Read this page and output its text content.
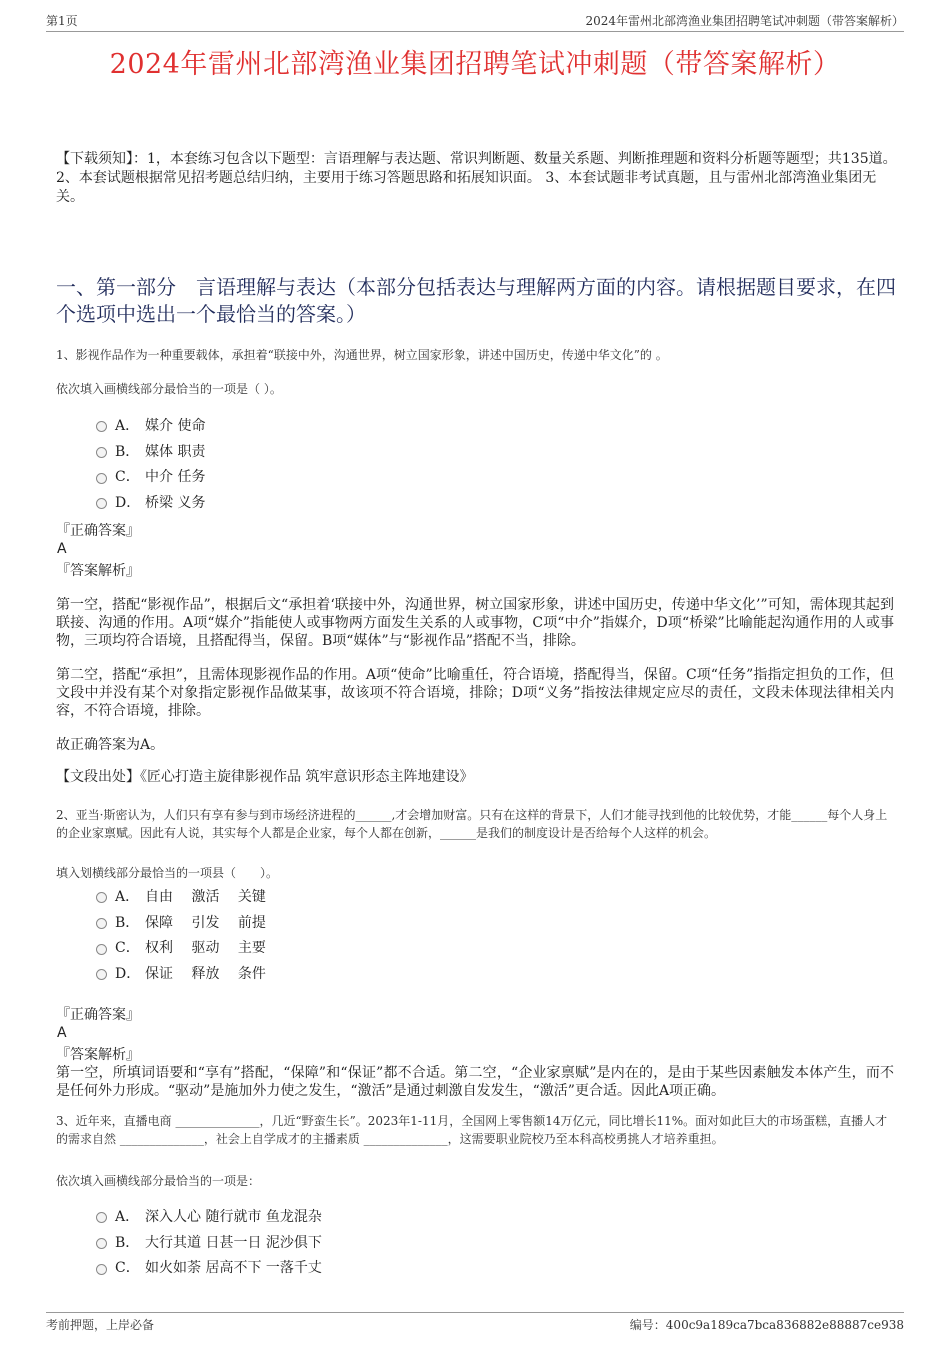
第1页	2024年雷州北部湾渔业集团招聘笔试冲刺题（带答案解析）
2024年雷州北部湾渔业集团招聘笔试冲刺题（带答案解析）
【下载须知】：1，本套练习包含以下题型：言语理解与表达题、常识判断题、数量关系题、判断推理题和资料分析题等题型；共135道。 2、本套试题根据常见招考题总结归纳，主要用于练习答题思路和拓展知识面。 3、本套试题非考试真题，且与雷州北部湾渔业集团无关。
一、第一部分　言语理解与表达（本部分包括表达与理解两方面的内容。请根据题目要求，在四个选项中选出一个最恰当的答案。）
1、影视作品作为一种重要载体，承担着“联接中外，沟通世界，树立国家形象，讲述中国历史，传递中华文化”的 。
依次填入画横线部分最恰当的一项是（ ）。
A． 媒介 使命
B． 媒体 职责
C． 中介 任务
D． 桥梁 义务
『正确答案』
A
『答案解析』
第一空，搭配“影视作品”，根据后文“承担着‘联接中外，沟通世界，树立国家形象，讲述中国历史，传递中华文化’”可知，需体现其起到联接、沟通的作用。A项“媒介”指能使人或事物两方面发生关系的人或事物，C项“中介”指媒介，D项“桥梁”比喻能起沟通作用的人或事物，三项均符合语境，且搭配得当，保留。B项“媒体”与“影视作品”搭配不当，排除。
第二空，搭配“承担”，且需体现影视作品的作用。A项“使命”比喻重任，符合语境，搭配得当，保留。C项“任务”指指定担负的工作，但文段中并没有某个对象指定影视作品做某事，故该项不符合语境，排除；D项“义务”指按法律规定应尽的责任，文段未体现法律相关内容，不符合语境，排除。
故正确答案为A。
【文段出处】《匠心打造主旋律影视作品 筑牢意识形态主阵地建设》
2、亚当·斯密认为，人们只有享有参与到市场经济进程的______,才会增加财富。只有在这样的背景下，人们才能寻找到他的比较优势，才能______每个人身上的企业家禀赋。因此有人说，其实每个人都是企业家，每个人都在创新，______是我们的制度设计是否给每个人这样的机会。
填入划横线部分最恰当的一项县（　　）。
A． 自由　 激活　 关键
B． 保障　 引发　 前提
C． 权利　 驱动　 主要
D． 保证　 释放　 条件
『正确答案』
A
『答案解析』
第一空，所填词语要和“享有”搭配，“保障”和“保证”都不合适。第二空，“企业家禀赋”是内在的，是由于某些因素触发本体产生，而不是任何外力形成。“驱动”是施加外力使之发生，“激活”是通过刺激自发发生，“激活”更合适。因此A项正确。
3、近年来，直播电商 ______________，几近“野蛮生长”。2023年1-11月，全国网上零售额14万亿元，同比增长11%。面对如此巨大的市场蛋糕，直播人才的需求自然 ______________，社会上自学成才的主播素质 ______________，这需要职业院校乃至本科高校勇挑人才培养重担。
依次填入画横线部分最恰当的一项是：
A． 深入人心 随行就市 鱼龙混杂
B． 大行其道 日甚一日 泥沙俱下
C． 如火如荼 居高不下 一落千丈
考前押题，上岸必备	编号：400c9a189ca7bca836882e88887ce938
